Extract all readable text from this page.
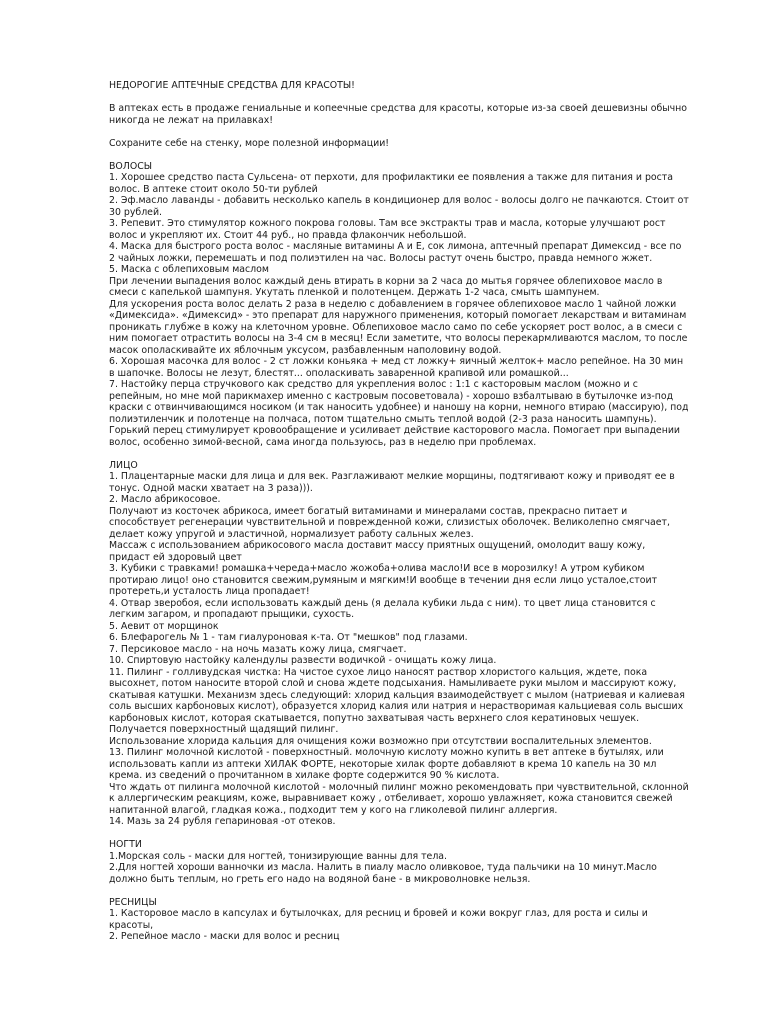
НЕДОРОГИЕ АПТЕЧНЫЕ СРЕДСТВА ДЛЯ КРАСОТЫ!

В аптеках есть в продаже гениальные и копеечные средства для красоты, которые из-за своей дешевизны обычно никогда не лежат на прилавках!

Сохраните себе на стенку, море полезной информации!

ВОЛОСЫ

1. Хорошее средство паста Сульсена- от перхоти, для профилактики ее появления а также для питания и роста волос. В аптеке стоит около 50-ти рублей

2. Эф.масло лаванды - добавить несколько капель в кондиционер для волос - волосы долго не пачкаются. Стоит от 30 рублей.

3. Репевит. Это стимулятор кожного покрова головы. Там все экстракты трав и масла, которые улучшают рост волос и укрепляют их. Стоит 44 руб., но правда флакончик небольшой.

4. Маска для быстрого роста волос - масляные витамины А и Е, сок лимона, аптечный препарат Димексид - все по 2 чайных ложки, перемешать и под полиэтилен на час. Волосы растут очень быстро, правда немного жжет.

5. Маска с облепиховым маслом

При лечении выпадения волос каждый день втирать в корни за 2 часа до мытья горячее облепиховое масло в смеси с капелькой шампуня. Укутать пленкой и полотенцем. Держать 1-2 часа, смыть шампунем.

Для ускорения роста волос делать 2 раза в неделю с добавлением в горячее облепиховое масло 1 чайной ложки «Димексида». «Димексид» - это препарат для наружного применения, который помогает лекарствам и витаминам проникать глубже в кожу на клеточном уровне. Облепиховое масло само по себе ускоряет рост волос, а в смеси с ним помогает отрастить волосы на 3-4 см в месяц! Если заметите, что волосы перекармливаются маслом, то после масок ополаскивайте их яблочным уксусом, разбавленным наполовину водой.

6. Хорошая масочка для волос - 2 ст ложки коньяка + мед ст ложку+ яичный желток+ масло репейное. На 30 мин в шапочке. Волосы не лезут, блестят... ополаскивать заваренной крапивой или ромашкой...

7. Настойку перца стручкового как средство для укрепления волос : 1:1 с касторовым маслом (можно и с репейным, но мне мой парикмахер именно с кастровым посоветовала) - хорошо взбалтываю в бутылочке из-под краски с отвинчивающимся носиком (и так наносить удобнее) и наношу на корни, немного втираю (массирую), под полиэтиленчик и полотенце на полчаса, потом тщательно смыть теплой водой (2-3 раза наносить шампунь).

Горький перец стимулирует кровообращение и усиливает действие касторового масла. Помогает при выпадении волос, особенно зимой-весной, сама иногда пользуюсь, раз в неделю при проблемах.

ЛИЦО

1. Плацентарные маски для лица и для век. Разглаживают мелкие морщины, подтягивают кожу и приводят ее в тонус. Одной маски хватает на 3 раза))).

2. Масло абрикосовое.

Получают из косточек абрикоса, имеет богатый витаминами и минералами состав, прекрасно питает и способствует регенерации чувствительной и поврежденной кожи, слизистых оболочек. Великолепно смягчает, делает кожу упругой и эластичной, нормализует работу сальных желез.

Массаж с использованием абрикосового масла доставит массу приятных ощущений, омолодит вашу кожу, придаст ей здоровый цвет

3. Кубики с травками! ромашка+череда+масло жожоба+олива масло!И все в морозилку! А утром кубиком протираю лицо! оно становится свежим,румяным и мягким!И вообще в течении дня если лицо усталое,стоит протереть,и усталость лица пропадает!

4. Отвар зверобоя, если использовать каждый день (я делала кубики льда с ним). то цвет лица становится с легким загаром, и пропадают прыщики, сухость.

5. Аевит от морщинок

6. Блефарогель № 1 - там гиалуроновая к-та. От "мешков" под глазами.

7. Персиковое масло - на ночь мазать кожу лица, смягчает.

10. Спиртовую настойку календулы развести водичкой - очищать кожу лица.

11. Пилинг - голливудская чистка: На чистое сухое лицо наносят раствор хлористого кальция, ждете, пока высохнет, потом наносите второй слой и снова ждете подсыхания. Намыливаете руки мылом и массируют кожу, скатывая катушки. Механизм здесь следующий: хлорид кальция взаимодействует с мылом (натриевая и калиевая соль высших карбоновых кислот), образуется хлорид калия или натрия и нерастворимая кальциевая соль высших карбоновых кислот, которая скатывается, попутно захватывая часть верхнего слоя кератиновых чешуек. Получается поверхностный щадящий пилинг.

Использование хлорида кальция для очищения кожи возможно при отсутствии воспалительных элементов.

13. Пилинг молочной кислотой - поверхностный. молочную кислоту можно купить в вет аптеке в бутылях, или использовать капли из аптеки ХИЛАК ФОРТЕ, некоторые хилак форте добавляют в крема 10 капель на 30 мл крема. из сведений о прочитанном в хилаке форте содержится 90 % кислота.

Что ждать от пилинга молочной кислотой - молочный пилинг можно рекомендовать при чувствительной, склонной к аллергическим реакциям, коже, выравнивает кожу , отбеливает, хорошо увлажняет, кожа становится свежей напитанной влагой, гладкая кожа., подходит тем у кого на гликолевой пилинг аллергия.

14. Мазь за 24 рубля гепариновая -от отеков.

НОГТИ

1.Морская соль - маски для ногтей, тонизирующие ванны для тела.

2.Для ногтей хороши ванночки из масла. Налить в пиалу масло оливковое, туда пальчики на 10 минут.Масло должно быть теплым, но греть его надо на водяной бане - в микроволновке нельзя.

РЕСНИЦЫ

1. Касторовое масло в капсулах и бутылочках, для ресниц и бровей и кожи вокруг глаз, для роста и силы и красоты,

2. Репейное масло - маски для волос и ресниц
